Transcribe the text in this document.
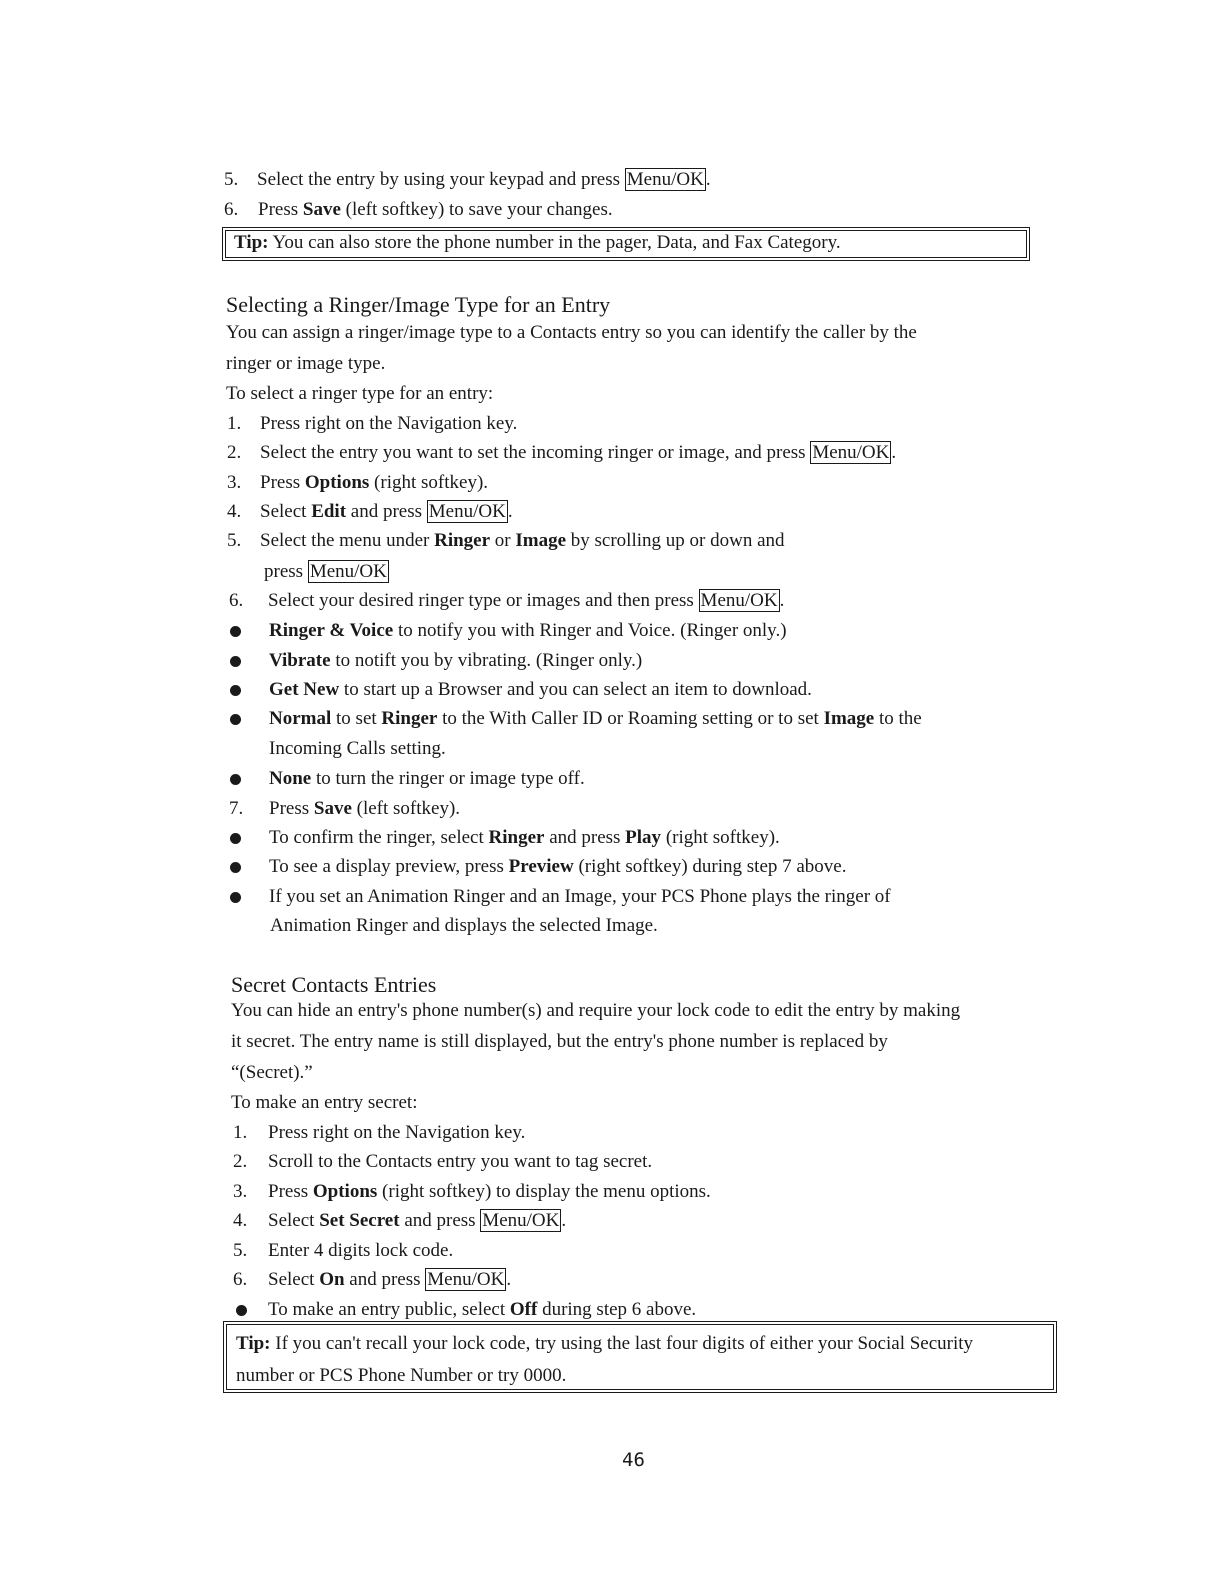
5. Select the entry by using your keypad and press Menu/OK .
6. Press Save (left softkey) to save your changes.
Tip: You can also store the phone number in the pager, Data, and Fax Category.
Selecting a Ringer/Image Type for an Entry
You can assign a ringer/image type to a Contacts entry so you can identify the caller by the
ringer or image type.
To select a ringer type for an entry:
1. Press right on the Navigation key.
2. Select the entry you want to set the incoming ringer or image, and press Menu/OK .
3. Press Options (right softkey).
4. Select Edit and press Menu/OK .
5. Select the menu under Ringer or Image by scrolling up or down and
press Menu/OK
6. Select your desired ringer type or images and then press Menu/OK .
Ringer & Voice to notify you with Ringer and Voice. (Ringer only.)
Vibrate to notift you by vibrating. (Ringer only.)
Get New to start up a Browser and you can select an item to download.
Normal to set Ringer to the With Caller ID or Roaming setting or to set Image to the
Incoming Calls setting.
None to turn the ringer or image type off.
7. Press Save (left softkey).
To confirm the ringer, select Ringer and press Play (right softkey).
To see a display preview, press Preview (right softkey) during step 7 above.
If you set an Animation Ringer and an Image, your PCS Phone plays the ringer of
Animation Ringer and displays the selected Image.
Secret Contacts Entries
You can hide an entry's phone number(s) and require your lock code to edit the entry by making
it secret. The entry name is still displayed, but the entry's phone number is replaced by
“(Secret).”
To make an entry secret:
1. Press right on the Navigation key.
2. Scroll to the Contacts entry you want to tag secret.
3. Press Options (right softkey) to display the menu options.
4. Select Set Secret and press Menu/OK .
5. Enter 4 digits lock code.
6. Select On and press Menu/OK .
To make an entry public, select Off during step 6 above.
Tip: If you can't recall your lock code, try using the last four digits of either your Social Security
number or PCS Phone Number or try 0000.
46
